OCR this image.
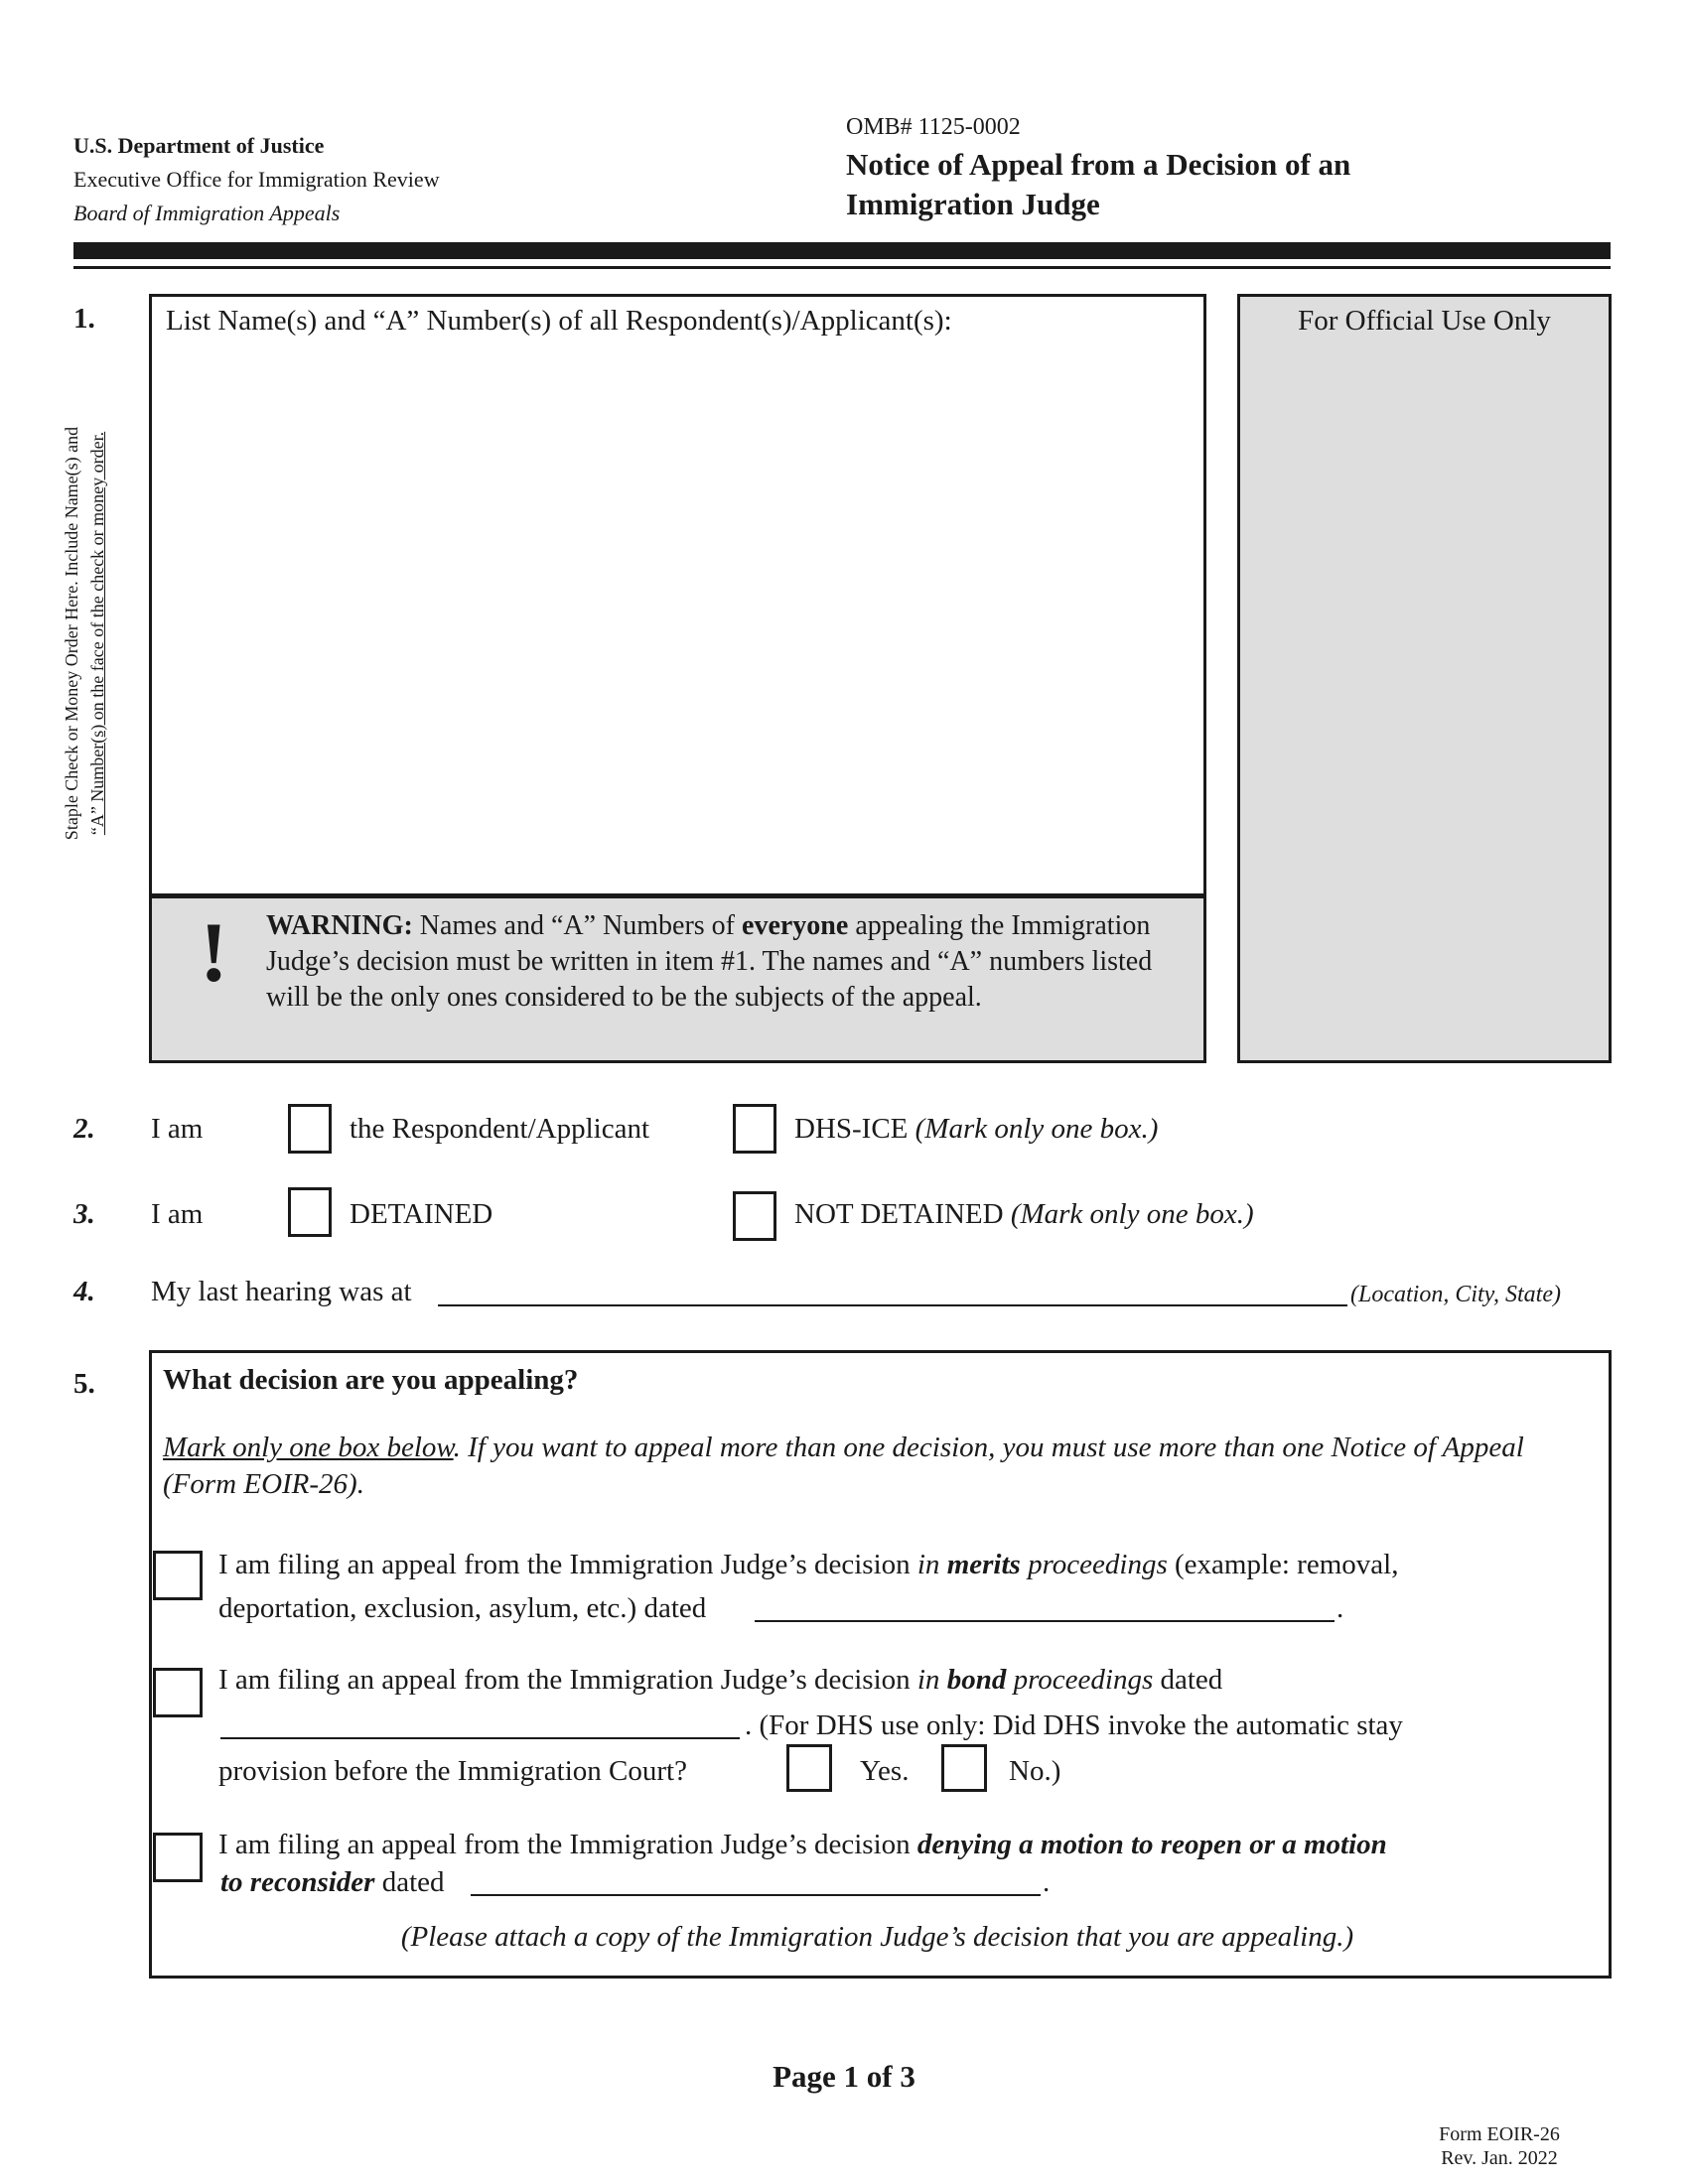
U.S. Department of Justice
Executive Office for Immigration Review
Board of Immigration Appeals
OMB# 1125-0002
Notice of Appeal from a Decision of an Immigration Judge
Staple Check or Money Order Here. Include Name(s) and “A” Number(s) on the face of the check or money order.
1. List Name(s) and “A” Number(s) of all Respondent(s)/Applicant(s):
! WARNING: Names and “A” Numbers of everyone appealing the Immigration Judge’s decision must be written in item #1. The names and “A” numbers listed will be the only ones considered to be the subjects of the appeal.
For Official Use Only
2. I am	the Respondent/Applicant	DHS-ICE (Mark only one box.)
3. I am	DETAINED	NOT DETAINED (Mark only one box.)
4. My last hearing was at	(Location, City, State)
5. What decision are you appealing?
Mark only one box below. If you want to appeal more than one decision, you must use more than one Notice of Appeal (Form EOIR-26).
I am filing an appeal from the Immigration Judge’s decision in merits proceedings (example: removal,
deportation, exclusion, asylum, etc.) dated	.
I am filing an appeal from the Immigration Judge’s decision in bond proceedings dated
. (For DHS use only: Did DHS invoke the automatic stay
provision before the Immigration Court?	Yes.	No.)
I am filing an appeal from the Immigration Judge’s decision denying a motion to reopen or a motion
to reconsider dated	.
(Please attach a copy of the Immigration Judge’s decision that you are appealing.)
Page 1 of 3
Form EOIR-26
Rev. Jan. 2022
